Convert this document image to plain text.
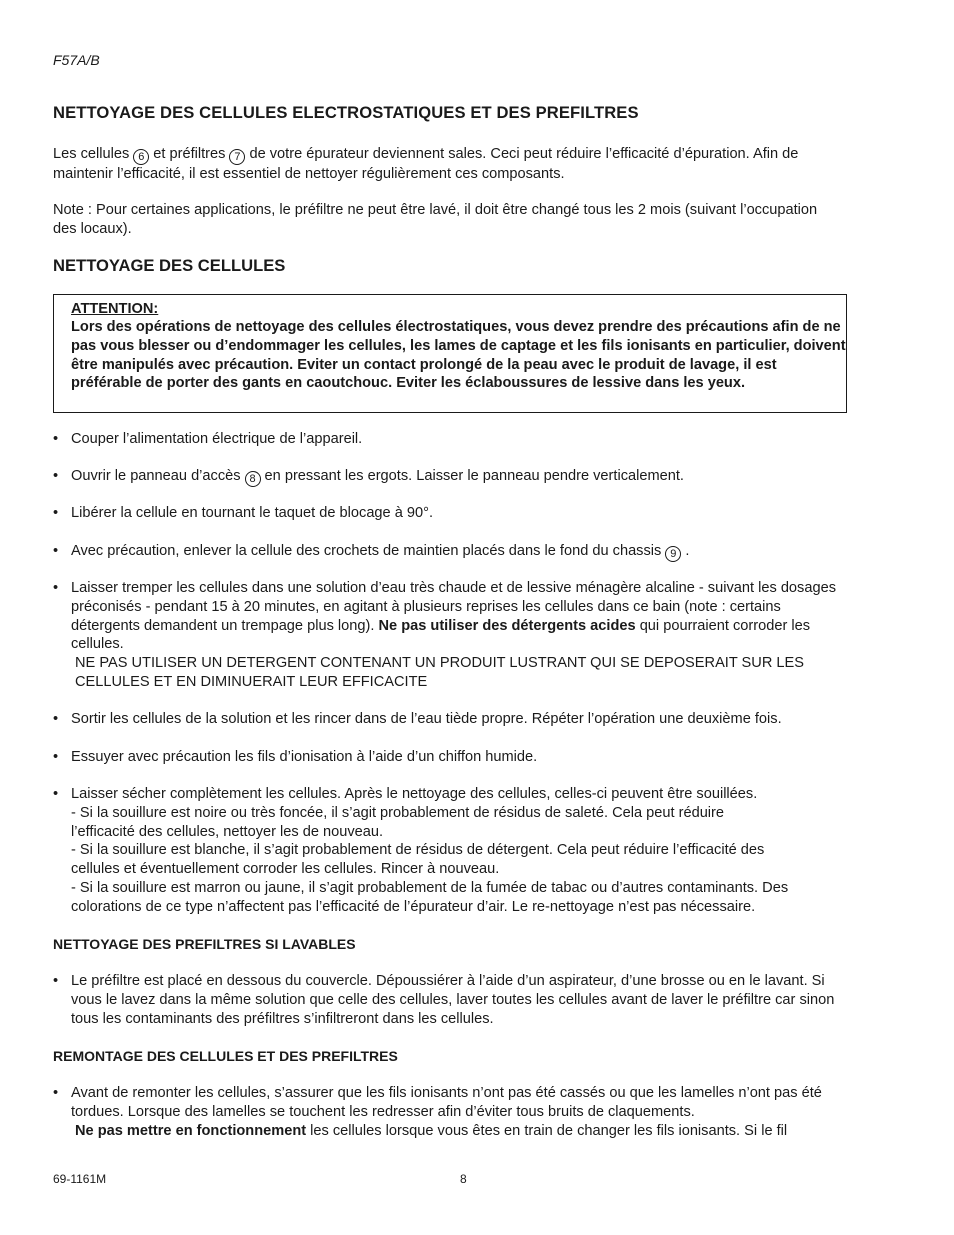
F57A/B
NETTOYAGE DES CELLULES ELECTROSTATIQUES ET DES PREFILTRES
Les cellules 6 et préfiltres 7 de votre épurateur deviennent sales. Ceci peut réduire l’efficacité d’épuration. Afin de maintenir l’efficacité, il est essentiel de nettoyer régulièrement ces composants.
Note : Pour certaines applications, le préfiltre ne peut être lavé, il doit être changé tous les 2 mois (suivant l’occupation des locaux).
NETTOYAGE DES CELLULES
ATTENTION:
Lors des opérations de nettoyage des cellules électrostatiques, vous devez prendre des précautions afin de ne pas vous blesser ou d’endommager les cellules, les lames de captage et les fils ionisants en particulier, doivent être manipulés avec précaution. Eviter un contact prolongé de la peau avec le produit de lavage, il est préférable de porter des gants en caoutchouc. Eviter les éclaboussures de lessive dans les yeux.
• Couper l’alimentation électrique de l’appareil.
• Ouvrir le panneau d’accès 8 en pressant les ergots. Laisser le panneau pendre verticalement.
• Libérer la cellule en tournant le taquet de blocage à 90°.
• Avec précaution, enlever la cellule des crochets de maintien placés dans le fond du chassis 9 .
• Laisser tremper les cellules dans une solution d’eau très chaude et de lessive ménagère alcaline - suivant les dosages préconisés - pendant 15 à 20 minutes, en agitant à plusieurs reprises les cellules dans ce bain (note : certains détergents demandent un trempage plus long). Ne pas utiliser des détergents acides qui pourraient corroder les cellules.
NE PAS UTILISER UN DETERGENT CONTENANT UN PRODUIT LUSTRANT QUI SE DEPOSERAIT SUR LES CELLULES ET EN DIMINUERAIT LEUR EFFICACITE
• Sortir les cellules de la solution et les rincer dans de l’eau tiède propre. Répéter l’opération une deuxième fois.
• Essuyer avec précaution les fils d’ionisation à l’aide d’un chiffon humide.
• Laisser sécher complètement les cellules. Après le nettoyage des cellules, celles-ci peuvent être souillées.
- Si la souillure est noire ou très foncée, il s’agit probablement de résidus de saleté. Cela peut réduire l’efficacité des cellules, nettoyer les de nouveau.
- Si la souillure est blanche, il s’agit probablement de résidus de détergent. Cela peut réduire l’efficacité des cellules et éventuellement corroder les cellules. Rincer à nouveau.
- Si la souillure est marron ou jaune, il s’agit probablement de la fumée de tabac ou d’autres contaminants. Des colorations de ce type n’affectent pas l’efficacité de l’épurateur d’air. Le re-nettoyage n’est pas nécessaire.
NETTOYAGE DES PREFILTRES SI LAVABLES
• Le préfiltre est placé en dessous du couvercle. Dépoussiérer à l’aide d’un aspirateur, d’une brosse ou en le lavant. Si vous le lavez dans la même solution que celle des cellules, laver toutes les cellules avant de laver le préfiltre car sinon tous les contaminants des préfiltres s’infiltreront dans les cellules.
REMONTAGE DES CELLULES ET DES PREFILTRES
• Avant de remonter les cellules, s’assurer que les fils ionisants n’ont pas été cassés ou que les lamelles n’ont pas été tordues. Lorsque des lamelles se touchent les redresser afin d’éviter tous bruits de claquements.
Ne pas mettre en fonctionnement les cellules lorsque vous êtes en train de changer les fils ionisants. Si le fil
69-1161M	8
